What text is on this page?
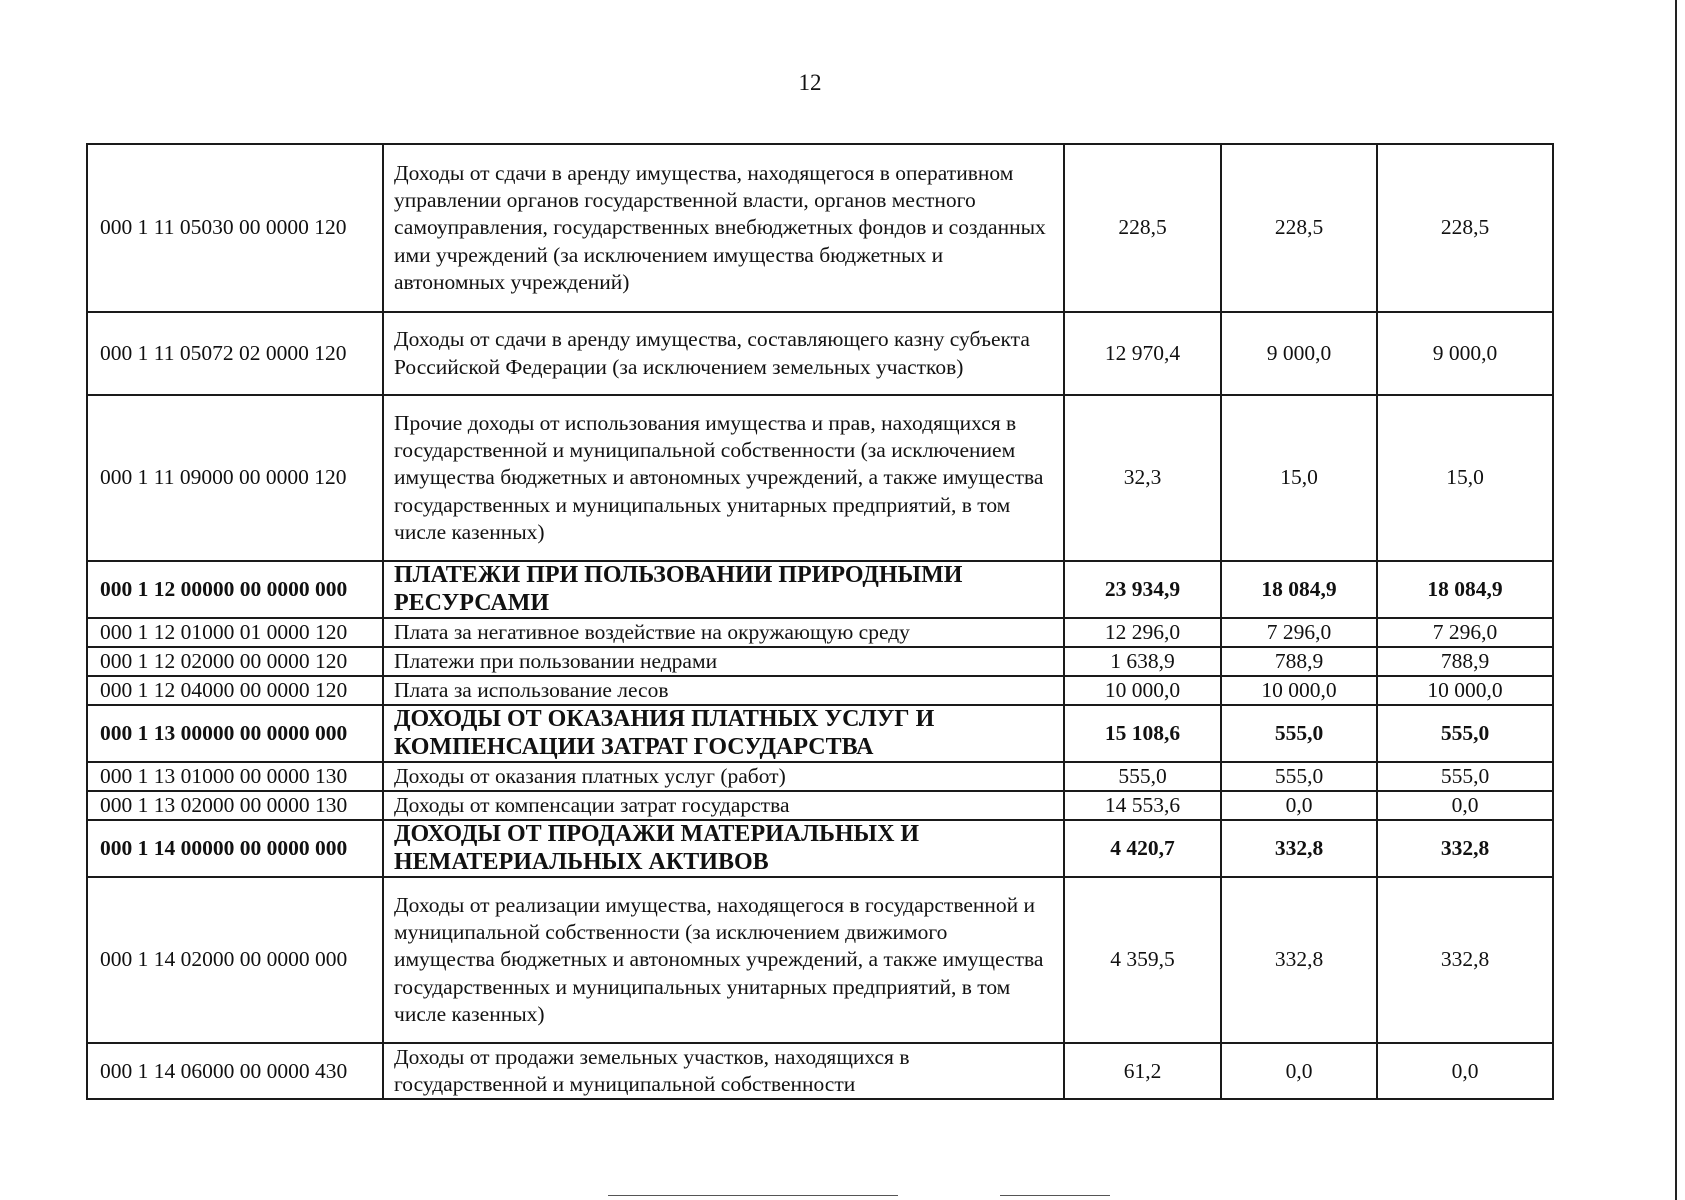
12
000 1 11 05030 00 0000 120	Доходы от сдачи в аренду имущества, находящегося в оперативном управлении органов государственной власти, органов местного самоуправления, государственных внебюджетных фондов и созданных ими учреждений (за исключением имущества бюджетных и автономных учреждений)	228,5	228,5	228,5
000 1 11 05072 02 0000 120	Доходы от сдачи в аренду имущества, составляющего казну субъекта Российской Федерации (за исключением земельных участков)	12 970,4	9 000,0	9 000,0
000 1 11 09000 00 0000 120	Прочие доходы от использования имущества и прав, находящихся в государственной и муниципальной собственности (за исключением имущества бюджетных и автономных учреждений, а также имущества государственных и муниципальных унитарных предприятий, в том числе казенных)	32,3	15,0	15,0
000 1 12 00000 00 0000 000	ПЛАТЕЖИ ПРИ ПОЛЬЗОВАНИИ ПРИРОДНЫМИ РЕСУРСАМИ	23 934,9	18 084,9	18 084,9
000 1 12 01000 01 0000 120	Плата за негативное воздействие на окружающую среду	12 296,0	7 296,0	7 296,0
000 1 12 02000 00 0000 120	Платежи при пользовании недрами	1 638,9	788,9	788,9
000 1 12 04000 00 0000 120	Плата за использование лесов	10 000,0	10 000,0	10 000,0
000 1 13 00000 00 0000 000	ДОХОДЫ ОТ ОКАЗАНИЯ ПЛАТНЫХ УСЛУГ И КОМПЕНСАЦИИ ЗАТРАТ ГОСУДАРСТВА	15 108,6	555,0	555,0
000 1 13 01000 00 0000 130	Доходы от оказания платных услуг (работ)	555,0	555,0	555,0
000 1 13 02000 00 0000 130	Доходы от компенсации затрат государства	14 553,6	0,0	0,0
000 1 14 00000 00 0000 000	ДОХОДЫ ОТ ПРОДАЖИ МАТЕРИАЛЬНЫХ И НЕМАТЕРИАЛЬНЫХ АКТИВОВ	4 420,7	332,8	332,8
000 1 14 02000 00 0000 000	Доходы от реализации имущества, находящегося в государственной и муниципальной собственности (за исключением движимого имущества бюджетных и автономных учреждений, а также имущества государственных и муниципальных унитарных предприятий, в том числе казенных)	4 359,5	332,8	332,8
000 1 14 06000 00 0000 430	Доходы от продажи земельных участков, находящихся в государственной и муниципальной собственности	61,2	0,0	0,0
